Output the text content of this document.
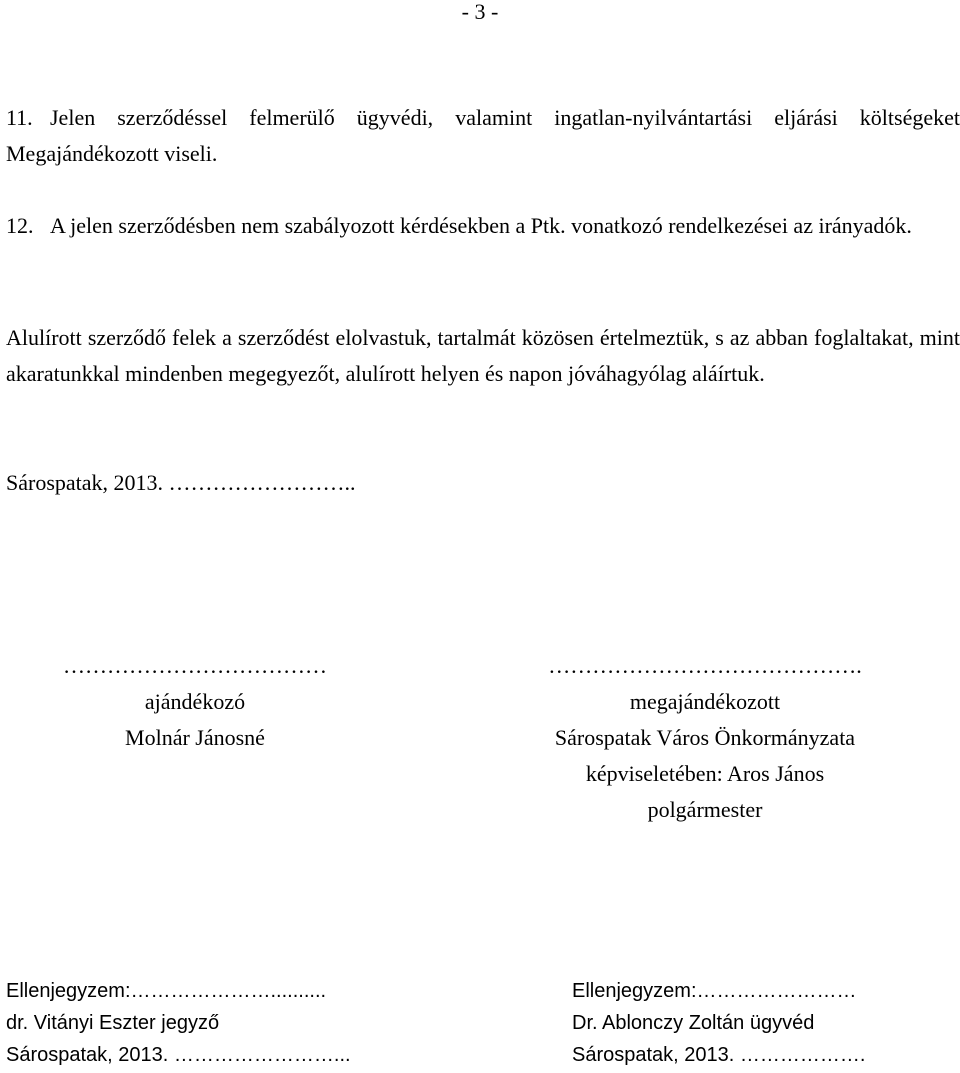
- 3 -

11. Jelen szerződéssel felmerülő ügyvédi, valamint ingatlan-nyilvántartási eljárási költségeket Megajándékozott viseli.

12. A jelen szerződésben nem szabályozott kérdésekben a Ptk. vonatkozó rendelkezései az irányadók.

Alulírott szerződő felek a szerződést elolvastuk, tartalmát közösen értelmeztük, s az abban foglaltakat, mint akaratunkkal mindenben megegyezőt, alulírott helyen és napon jóváhagyólag aláírtuk.

Sárospatak, 2013. ……………………..

………………………………
ajándékozó
Molnár Jánosné
…………………………………….
megajándékozott
Sárospatak Város Önkormányzata
képviseletében: Aros János
polgármester
Ellenjegyzem:…………………..........
dr. Vitányi Eszter jegyző
Sárospatak, 2013. ……………………...
Ellenjegyzem:……………………
Dr. Ablonczy Zoltán ügyvéd
Sárospatak, 2013. ……………….
